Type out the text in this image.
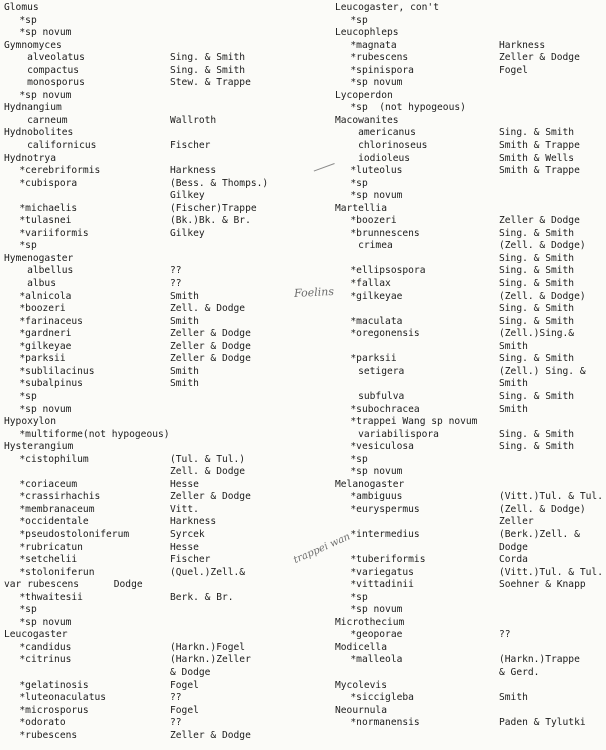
Glomus
*sp
*sp novum
Gymnomyces
alveolatus	Sing. & Smith
compactus	Sing. & Smith
monosporus	Stew. & Trappe
*sp novum
Hydnangium
carneum	Wallroth
Hydnobolites
californicus	Fischer
Hydnotrya
*cerebriformis	Harkness
*cubispora	(Bess. & Thomps.)
Gilkey
*michaelis	(Fischer)Trappe
*tulasnei	(Bk.)Bk. & Br.
*variiformis	Gilkey
*sp
Hymenogaster
albellus	??
albus	??
*alnicola	Smith
*boozeri	Zell. & Dodge
*farinaceus	Smith
*gardneri	Zeller & Dodge
*gilkeyae	Zeller & Dodge
*parksii	Zeller & Dodge
*sublilacinus	Smith
*subalpinus	Smith
*sp
*sp novum
Hypoxylon
*multiforme(not hypogeous)
Hysterangium
*cistophilum	(Tul. & Tul.)
Zell. & Dodge
*coriaceum	Hesse
*crassirhachis	Zeller & Dodge
*membranaceum	Vitt.
*occidentale	Harkness
*pseudostoloniferum	Syrcek
*rubricatun	Hesse
*setchelii	Fischer
*stoloniferun	(Quel.)Zell.&
var rubescens      Dodge
*thwaitesii	Berk. & Br.
*sp
*sp novum
Leucogaster
*candidus	(Harkn.)Fogel
*citrinus	(Harkn.)Zeller
& Dodge
*gelatinosis	Fogel
*luteonaculatus	??
*microsporus	Fogel
*odorato	??
*rubescens	Zeller & Dodge
Leucogaster, con't
*sp
Leucophleps
*magnata	Harkness
*rubescens	Zeller & Dodge
*spinispora	Fogel
*sp novum
Lycoperdon
*sp  (not hypogeous)
Macowanites
americanus	Sing. & Smith
chlorinoseus	Smith & Trappe
iodioleus	Smith & Wells
*luteolus	Smith & Trappe
*sp
*sp novum
Martellia
*boozeri	Zeller & Dodge
*brunnescens	Sing. & Smith
crimea	(Zell. & Dodge)
Sing. & Smith
*ellipsospora	Sing. & Smith
*fallax	Sing. & Smith
*gilkeyae	(Zell. & Dodge)
Sing. & Smith
*maculata	Sing. & Smith
*oregonensis	(Zell.)Sing.&
Smith
*parksii	Sing. & Smith
setigera	(Zell.) Sing. &
Smith
subfulva	Sing. & Smith
*subochracea	Smith
*trappei Wang sp novum
variabilispora	Sing. & Smith
*vesiculosa	Sing. & Smith
*sp
*sp novum
Melanogaster
*ambiguus	(Vitt.)Tul. & Tul.
*euryspermus	(Zell. & Dodge)
Zeller
*intermedius	(Berk.)Zell. &
Dodge
*tuberiformis	Corda
*variegatus	(Vitt.)Tul. & Tul.
*vittadinii	Soehner & Knapp
*sp
*sp novum
Microthecium
*geoporae	??
Modicella
*malleola	(Harkn.)Trappe
& Gerd.
Mycolevis
*siccigleba	Smith
Neournula
*normanensis	Paden & Tylutki
Foelins
trappei wan
